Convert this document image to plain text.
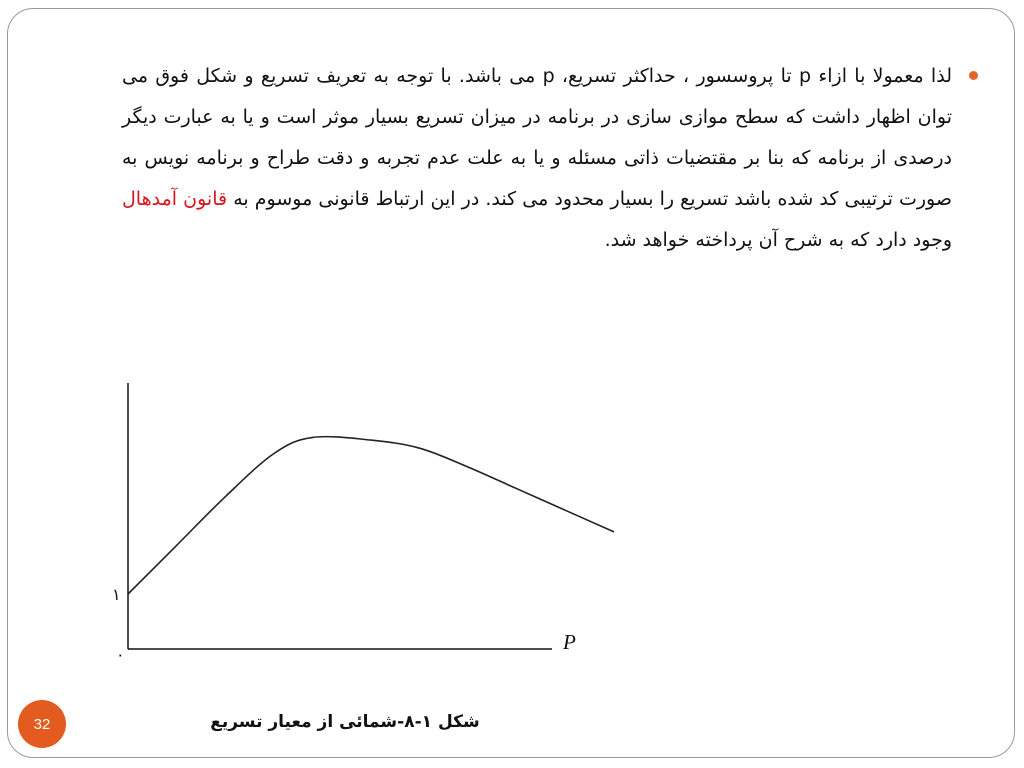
لذا معمولا با ازاء p تا پروسسور ، حداکثر تسریع، p می باشد. با توجه به تعریف تسریع و شکل فوق می توان اظهار داشت که سطح موازی سازی در برنامه در میزان تسریع بسیار موثر است و یا به عبارت دیگر درصدی از برنامه که بنا بر مقتضیات ذاتی مسئله و یا به علت عدم تجربه و دقت طراح و برنامه نویس به صورت ترتیبی کد شده باشد تسریع را بسیار محدود می کند. در این ارتباط قانونی موسوم به قانون آمدهال وجود دارد که به شرح آن پرداخته خواهد شد.
P
۱
۰
32	شکل ۱-۸-شمائی از معیار تسریع
